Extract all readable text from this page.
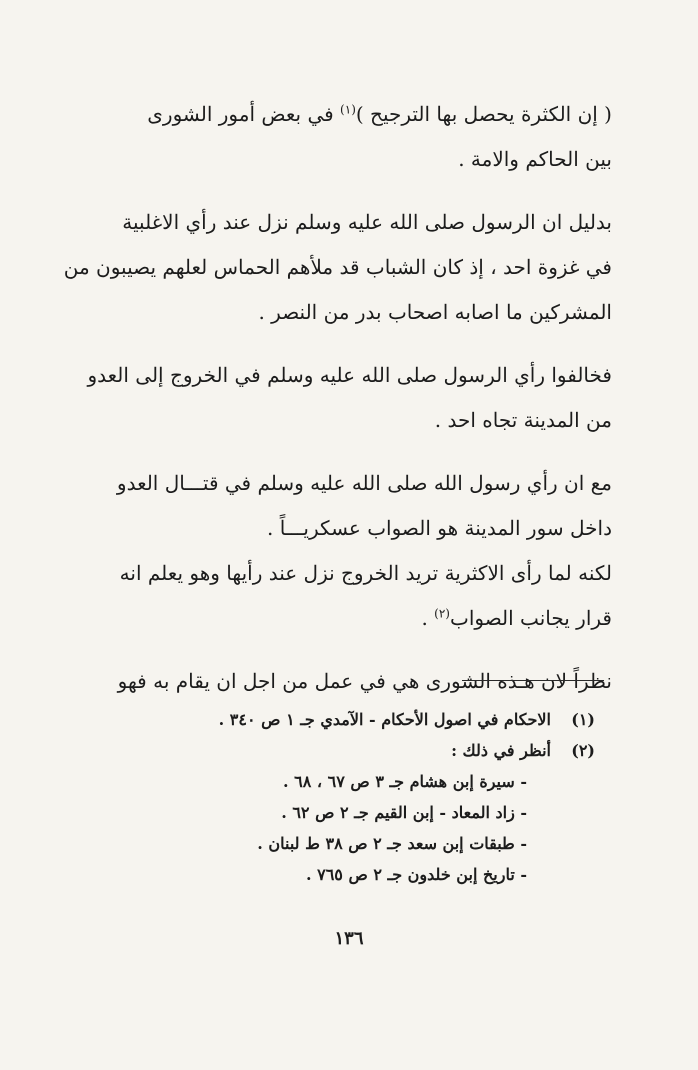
( إن الكثرة يحصل بها الترجيح )$^{(١)}$ في بعض أمور الشورى
بين الحاكم والامة .

بدليل ان الرسول صلى الله عليه وسلم نزل عند رأي الاغلبية
في غزوة احد ، إذ كان الشباب قد ملأهم الحماس لعلهم يصيبون من
المشركين ما اصابه اصحاب بدر من النصر .

فخالفوا رأي الرسول صلى الله عليه وسلم في الخروج إلى العدو
من المدينة تجاه احد .

مع ان رأي رسول الله صلى الله عليه وسلم في قتـــال العدو
داخل سور المدينة هو الصواب عسكريـــاً .

لكنه لما رأى الاكثرية تريد الخروج نزل عند رأيها وهو يعلم انه
قرار يجانب الصواب$^{(٢)}$ .

نظراً لان هـذه الشورى هي في عمل من اجل ان يقام به فهو

(١)
الاحكام في اصول الأحكام - الآمدي جـ ١ ص ٣٤٠ .
(٢)
أنظر في ذلك :
- سيرة إبن هشام جـ ٣ ص ٦٧ ، ٦٨ .
- زاد المعاد - إبن القيم جـ ٢ ص ٦٢ .
- طبقات إبن سعد جـ ٢ ص ٣٨ ط لبنان .
- تاريخ إبن خلدون جـ ٢ ص ٧٦٥ .
١٣٦
